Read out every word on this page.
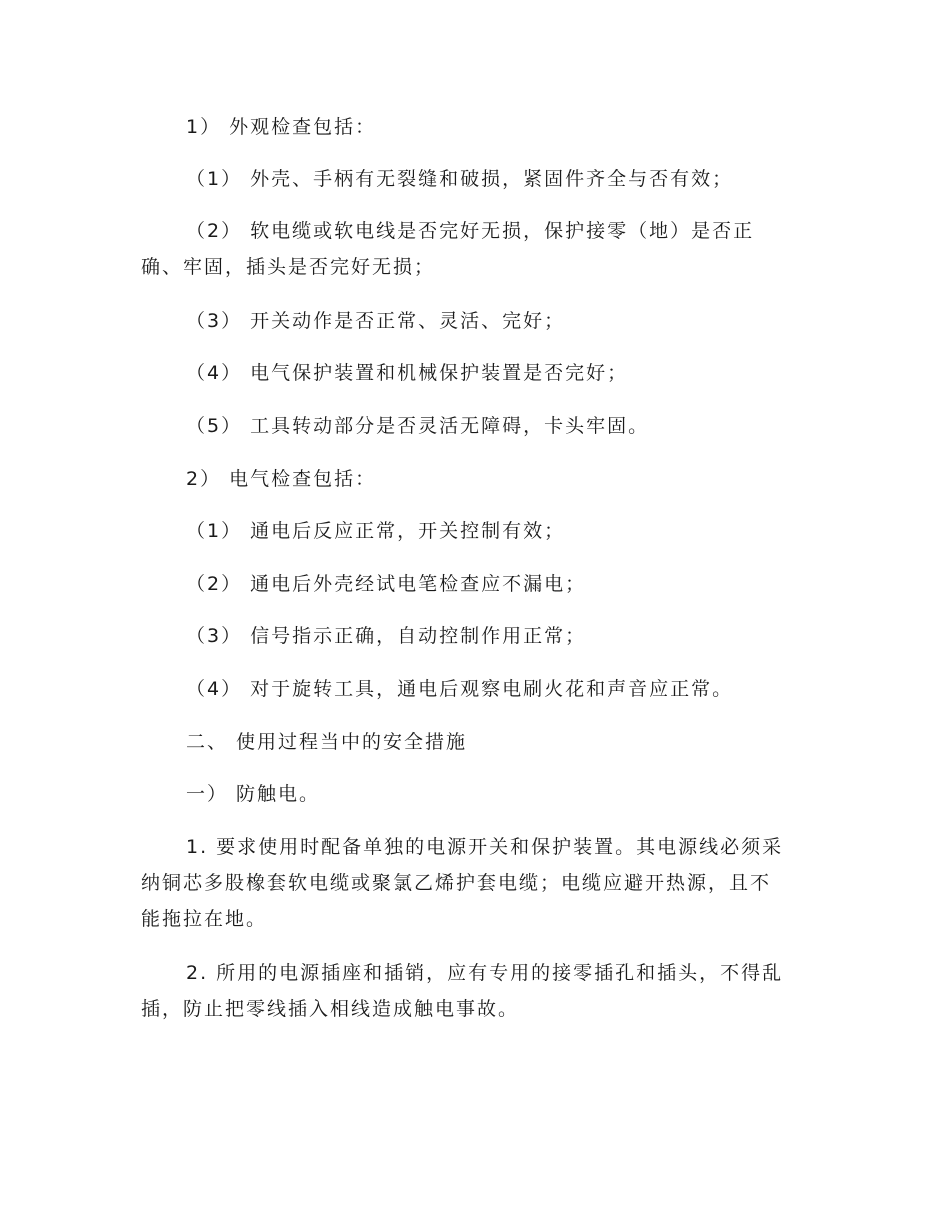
1） 外观检查包括：
（1） 外壳、手柄有无裂缝和破损，紧固件齐全与否有效；
（2） 软电缆或软电线是否完好无损，保护接零（地）是否正
确、牢固，插头是否完好无损；
（3） 开关动作是否正常、灵活、完好；
（4） 电气保护装置和机械保护装置是否完好；
（5） 工具转动部分是否灵活无障碍，卡头牢固。
2） 电气检查包括：
（1） 通电后反应正常，开关控制有效；
（2） 通电后外壳经试电笔检查应不漏电；
（3） 信号指示正确，自动控制作用正常；
（4） 对于旋转工具，通电后观察电刷火花和声音应正常。
二、 使用过程当中的安全措施
一） 防触电。
1. 要求使用时配备单独的电源开关和保护装置。其电源线必须采
纳铜芯多股橡套软电缆或聚氯乙烯护套电缆；电缆应避开热源，且不
能拖拉在地。
2. 所用的电源插座和插销，应有专用的接零插孔和插头，不得乱
插，防止把零线插入相线造成触电事故。
